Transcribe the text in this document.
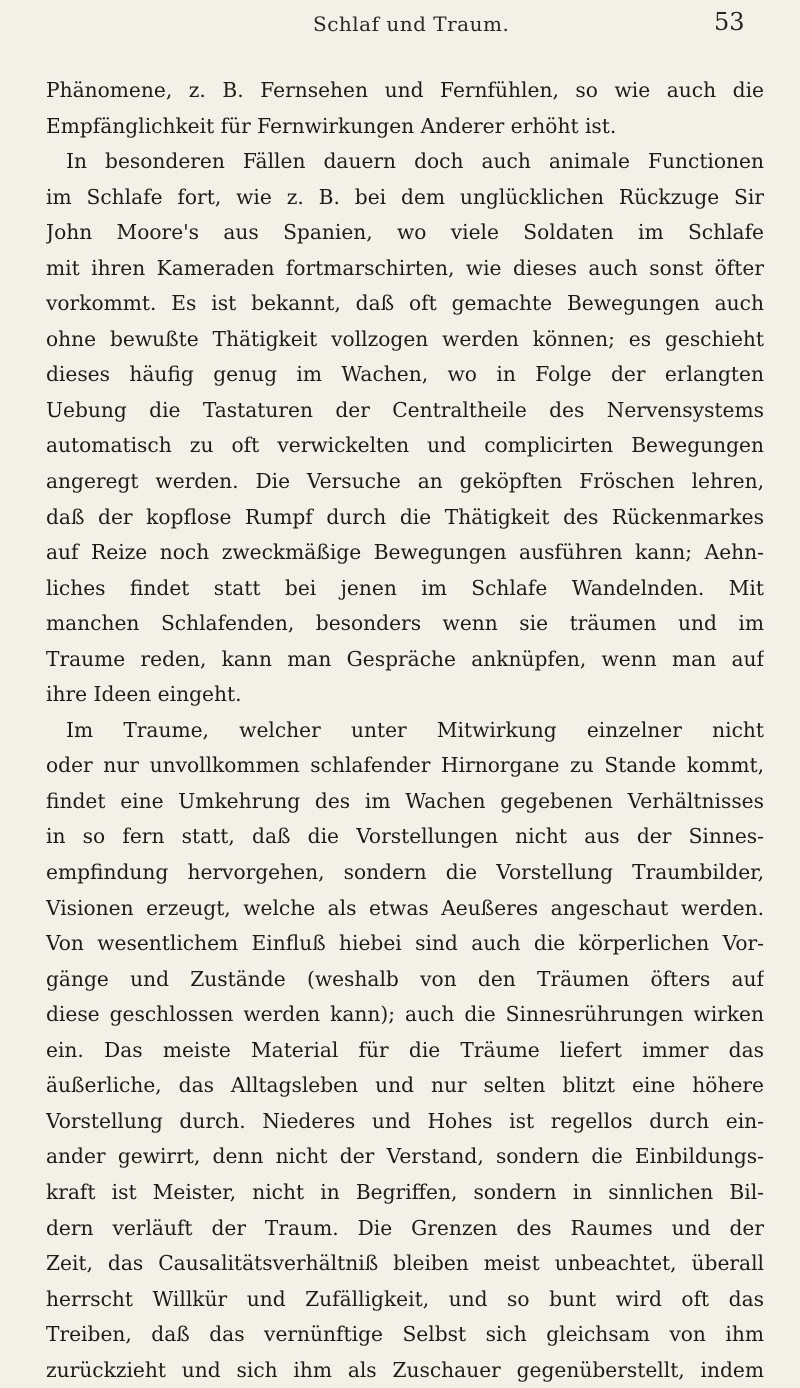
Schlaf und Traum.	53
Phänomene, z. B. Fernsehen und Fernfühlen, so wie auch die
Empfänglichkeit für Fernwirkungen Anderer erhöht ist.
In besonderen Fällen dauern doch auch animale Functionen
im Schlafe fort, wie z. B. bei dem unglücklichen Rückzuge Sir
John Moore's aus Spanien, wo viele Soldaten im Schlafe
mit ihren Kameraden fortmarschirten, wie dieses auch sonst öfter
vorkommt. Es ist bekannt, daß oft gemachte Bewegungen auch
ohne bewußte Thätigkeit vollzogen werden können; es geschieht
dieses häufig genug im Wachen, wo in Folge der erlangten
Uebung die Tastaturen der Centraltheile des Nervensystems
automatisch zu oft verwickelten und complicirten Bewegungen
angeregt werden. Die Versuche an geköpften Fröschen lehren,
daß der kopflose Rumpf durch die Thätigkeit des Rückenmarkes
auf Reize noch zweckmäßige Bewegungen ausführen kann; Aehn-
liches findet statt bei jenen im Schlafe Wandelnden. Mit
manchen Schlafenden, besonders wenn sie träumen und im
Traume reden, kann man Gespräche anknüpfen, wenn man auf
ihre Ideen eingeht.
Im Traume, welcher unter Mitwirkung einzelner nicht
oder nur unvollkommen schlafender Hirnorgane zu Stande kommt,
findet eine Umkehrung des im Wachen gegebenen Verhältnisses
in so fern statt, daß die Vorstellungen nicht aus der Sinnes-
empfindung hervorgehen, sondern die Vorstellung Traumbilder,
Visionen erzeugt, welche als etwas Aeußeres angeschaut werden.
Von wesentlichem Einfluß hiebei sind auch die körperlichen Vor-
gänge und Zustände (weshalb von den Träumen öfters auf
diese geschlossen werden kann); auch die Sinnesrührungen wirken
ein. Das meiste Material für die Träume liefert immer das
äußerliche, das Alltagsleben und nur selten blitzt eine höhere
Vorstellung durch. Niederes und Hohes ist regellos durch ein-
ander gewirrt, denn nicht der Verstand, sondern die Einbildungs-
kraft ist Meister, nicht in Begriffen, sondern in sinnlichen Bil-
dern verläuft der Traum. Die Grenzen des Raumes und der
Zeit, das Causalitätsverhältniß bleiben meist unbeachtet, überall
herrscht Willkür und Zufälligkeit, und so bunt wird oft das
Treiben, daß das vernünftige Selbst sich gleichsam von ihm
zurückzieht und sich ihm als Zuschauer gegenüberstellt, indem
